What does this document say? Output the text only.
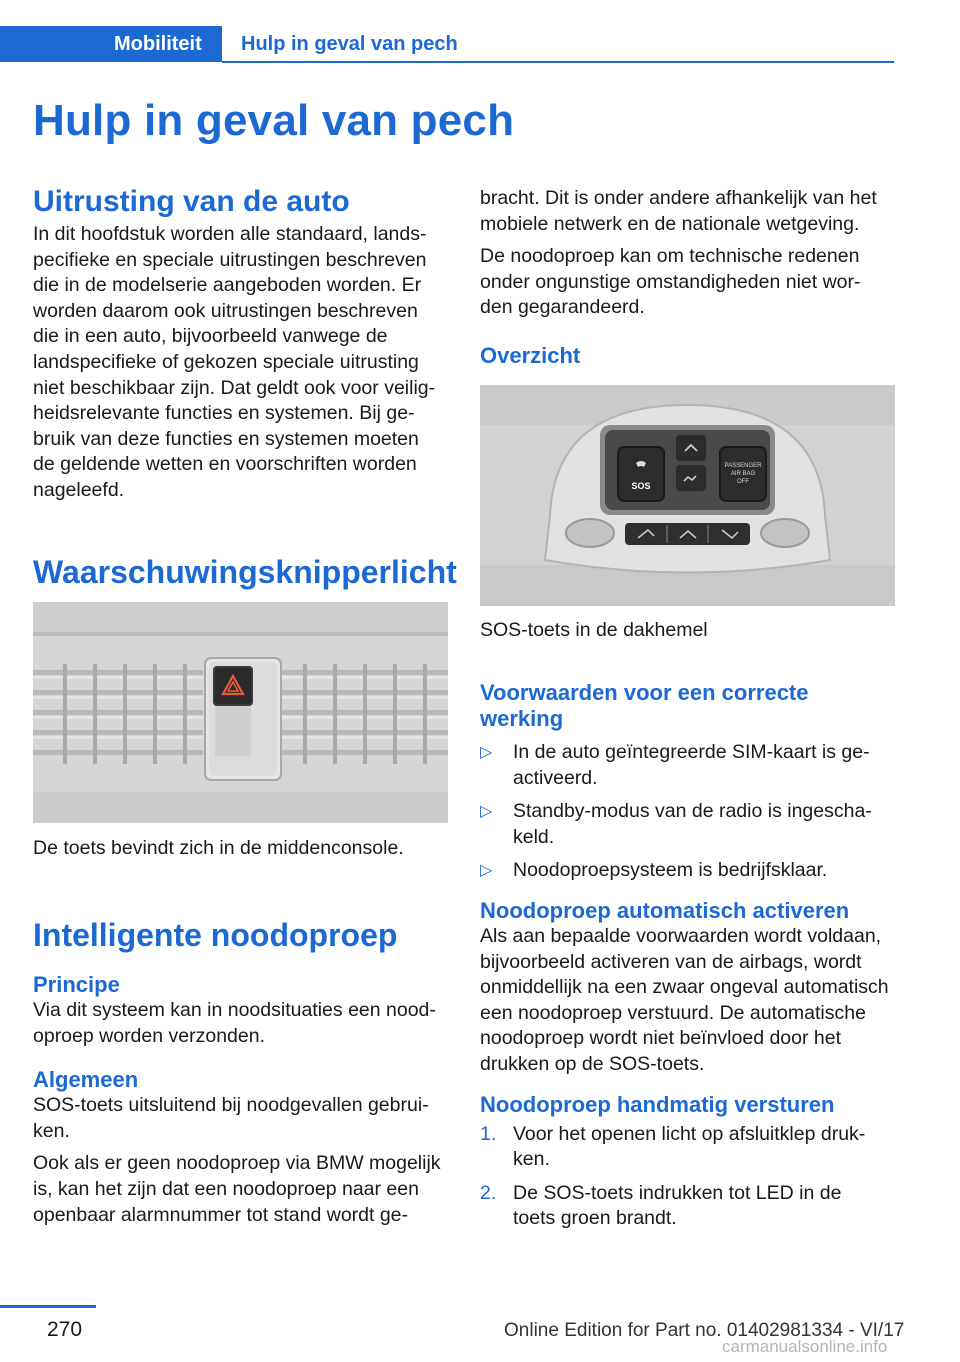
Mobiliteit	Hulp in geval van pech
Hulp in geval van pech
Uitrusting van de auto

In dit hoofdstuk worden alle standaard, lands-
pecifieke en speciale uitrustingen beschreven
die in de modelserie aangeboden worden. Er
worden daarom ook uitrustingen beschreven
die in een auto, bijvoorbeeld vanwege de
landspecifieke of gekozen speciale uitrusting
niet beschikbaar zijn. Dat geldt ook voor veilig-
heidsrelevante functies en systemen. Bij ge-
bruik van deze functies en systemen moeten
de geldende wetten en voorschriften worden
nageleefd.

Waarschuwingsknipperlicht
De toets bevindt zich in de middenconsole.
Intelligente noodoproep
Principe

Via dit systeem kan in noodsituaties een nood-
oproep worden verzonden.

Algemeen

SOS-toets uitsluitend bij noodgevallen gebrui-
ken.

Ook als er geen noodoproep via BMW mogelijk
is, kan het zijn dat een noodoproep naar een
openbaar alarmnummer tot stand wordt ge-

bracht. Dit is onder andere afhankelijk van het
mobiele netwerk en de nationale wetgeving.

De noodoproep kan om technische redenen
onder ongunstige omstandigheden niet wor-
den gegarandeerd.

Overzicht
SOS
PASSENGER
AIR BAG
OFF
SOS-toets in de dakhemel
Voorwaarden voor een correcte werking
▷ In de auto geïntegreerde SIM-kaart is ge-
activeerd.
▷ Standby-modus van de radio is ingescha-
keld.
▷ Noodoproepsysteem is bedrijfsklaar.
Noodoproep automatisch activeren

Als aan bepaalde voorwaarden wordt voldaan,
bijvoorbeeld activeren van de airbags, wordt
onmiddellijk na een zwaar ongeval automatisch
een noodoproep verstuurd. De automatische
noodoproep wordt niet beïnvloed door het
drukken op de SOS-toets.

Noodoproep handmatig versturen
1. Voor het openen licht op afsluitklep druk-
ken.
2. De SOS-toets indrukken tot LED in de
toets groen brandt.
270	Online Edition for Part no. 01402981334 - VI/17
carmanualsonline.info
